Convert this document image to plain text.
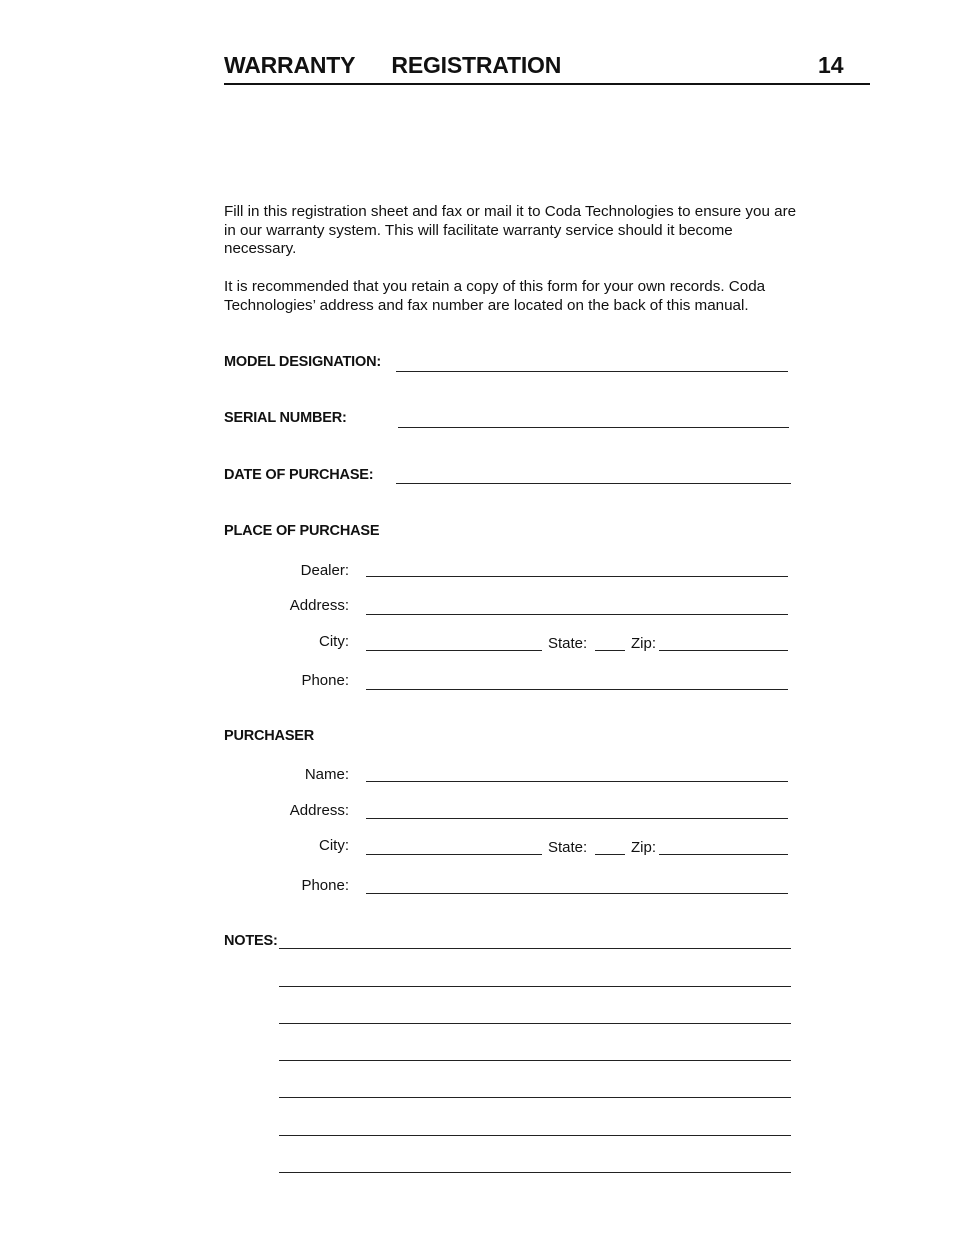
WARRANTY   REGISTRATION	14
Fill in this registration sheet and fax or mail it to Coda Technologies to ensure you are in our warranty system. This will facilitate warranty service should it become necessary.
It is recommended that you retain a copy of this form for your own records. Coda Technologies’ address and fax number are located on the back of this manual.
MODEL DESIGNATION:
SERIAL NUMBER:
DATE OF PURCHASE:
PLACE OF PURCHASE
Dealer:
Address:
City:	State:	Zip:
Phone:
PURCHASER
Name:
Address:
City:	State:	Zip:
Phone:
NOTES:
